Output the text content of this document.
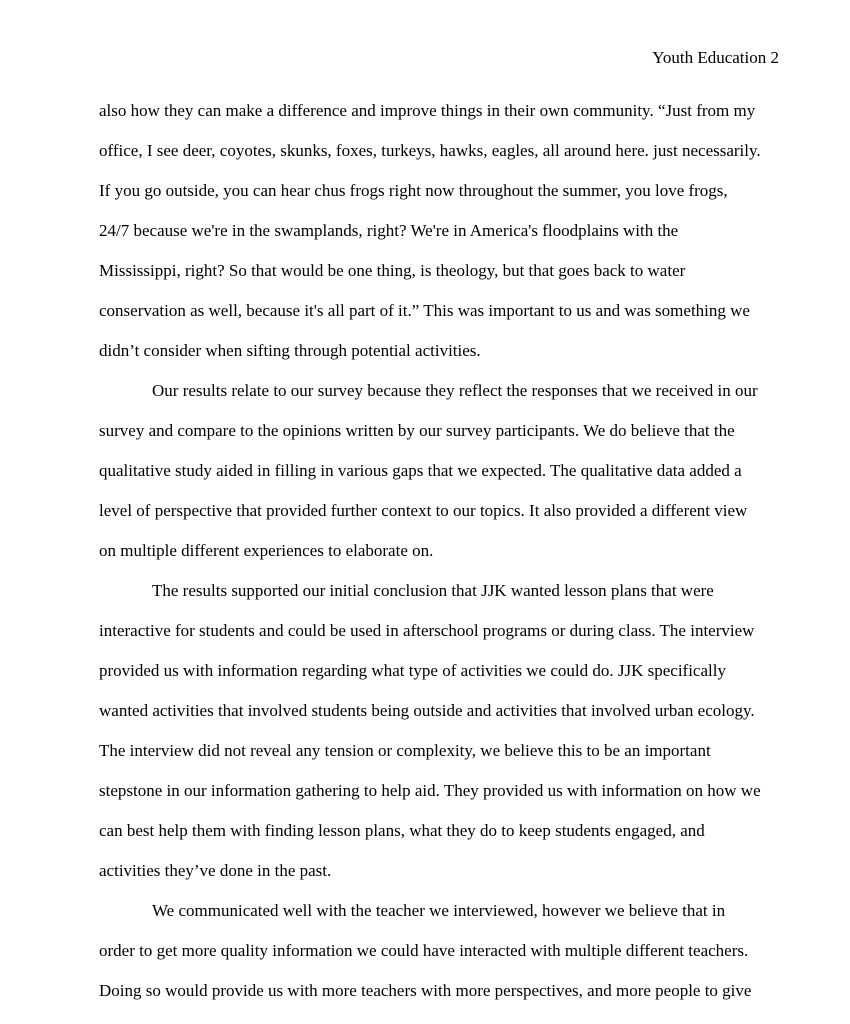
Youth Education 2
also how they can make a difference and improve things in their own community. “Just from my
office, I see deer, coyotes, skunks, foxes, turkeys, hawks, eagles, all around here. just necessarily.
If you go outside, you can hear chus frogs right now throughout the summer, you love frogs,
24/7 because we're in the swamplands, right? We're in America's floodplains with the
Mississippi, right? So that would be one thing, is theology, but that goes back to water
conservation as well, because it's all part of it.” This was important to us and was something we
didn’t consider when sifting through potential activities.
Our results relate to our survey because they reflect the responses that we received in our
survey and compare to the opinions written by our survey participants. We do believe that the
qualitative study aided in filling in various gaps that we expected. The qualitative data added a
level of perspective that provided further context to our topics. It also provided a different view
on multiple different experiences to elaborate on.
The results supported our initial conclusion that JJK wanted lesson plans that were
interactive for students and could be used in afterschool programs or during class. The interview
provided us with information regarding what type of activities we could do. JJK specifically
wanted activities that involved students being outside and activities that involved urban ecology.
The interview did not reveal any tension or complexity, we believe this to be an important
stepstone in our information gathering to help aid. They provided us with information on how we
can best help them with finding lesson plans, what they do to keep students engaged, and
activities they’ve done in the past.
We communicated well with the teacher we interviewed, however we believe that in
order to get more quality information we could have interacted with multiple different teachers.
Doing so would provide us with more teachers with more perspectives, and more people to give
